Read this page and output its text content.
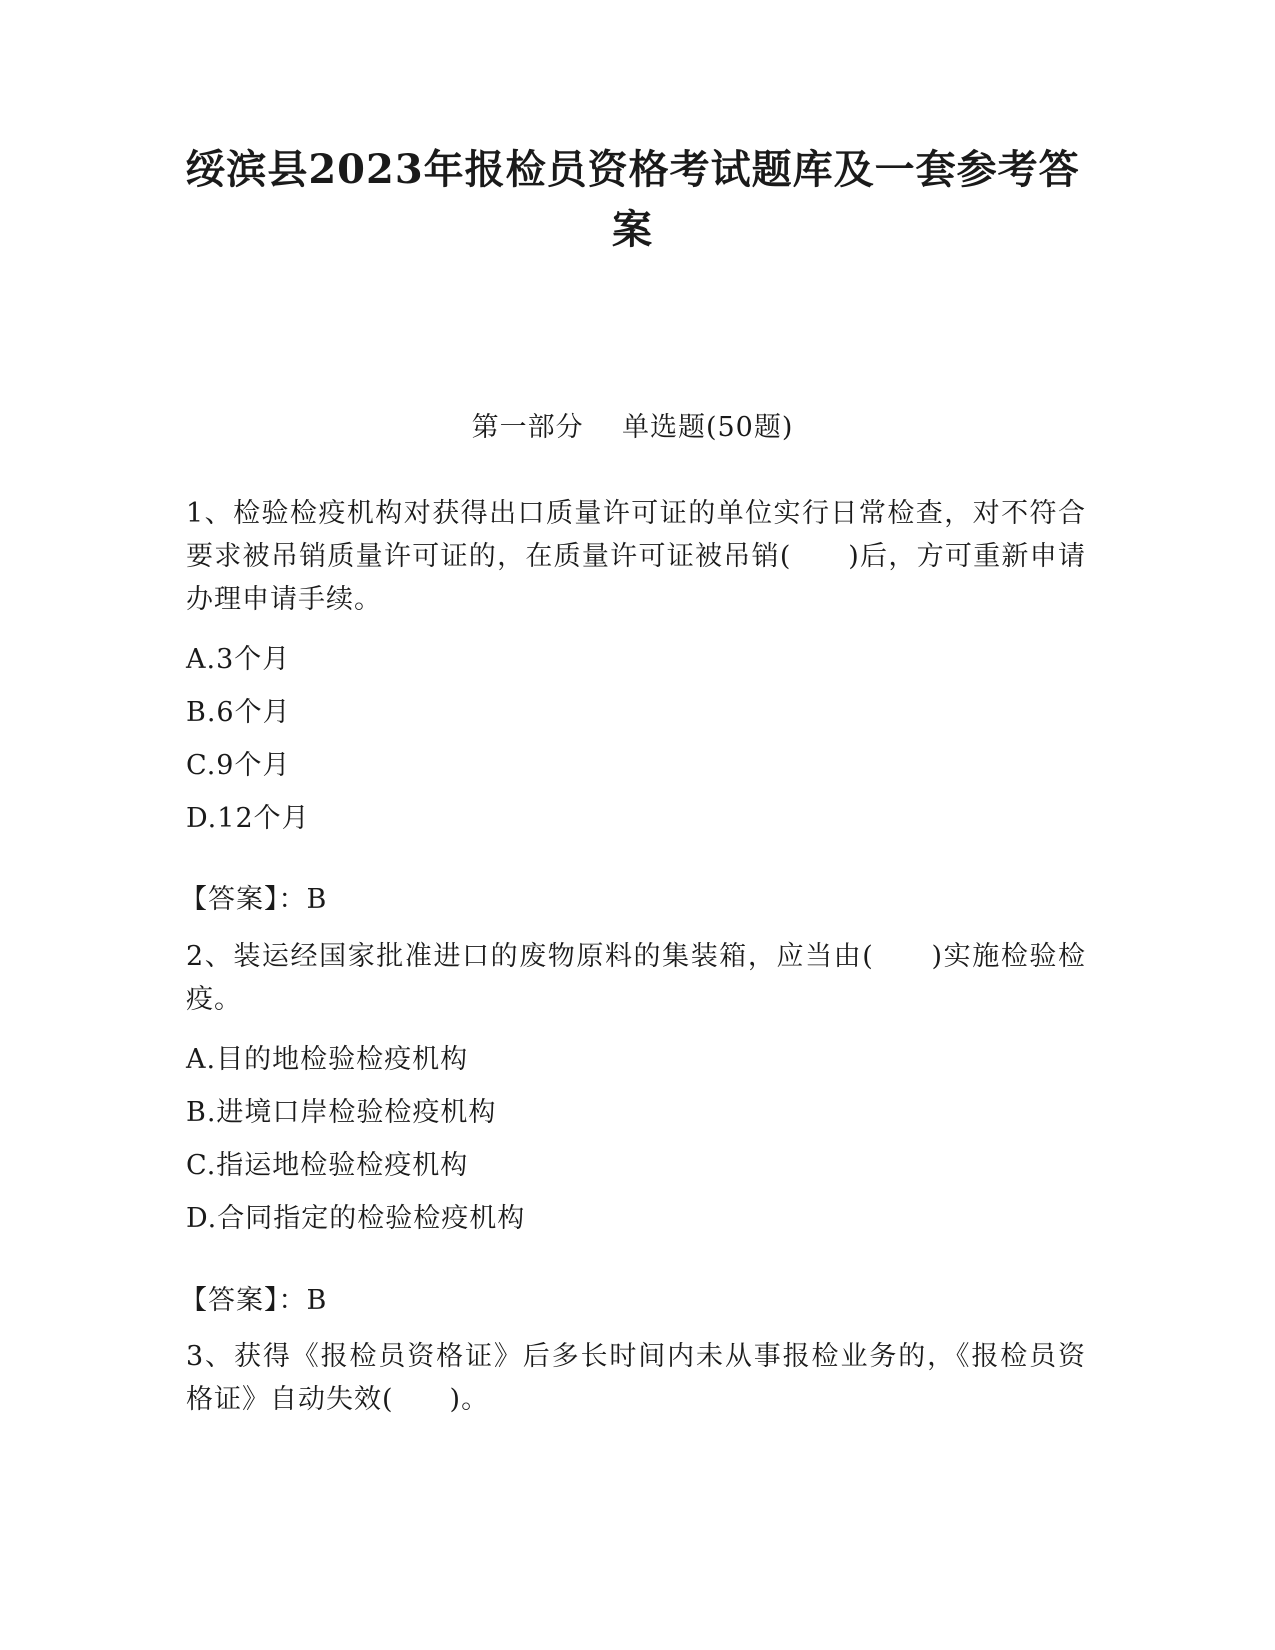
绥滨县2023年报检员资格考试题库及一套参考答案
第一部分    单选题(50题)

1、检验检疫机构对获得出口质量许可证的单位实行日常检查，对不符合要求被吊销质量许可证的，在质量许可证被吊销(　　)后，方可重新申请办理申请手续。

A.3个月
B.6个月
C.9个月
D.12个月
【答案】：B

2、装运经国家批准进口的废物原料的集装箱，应当由(　　)实施检验检疫。

A.目的地检验检疫机构
B.进境口岸检验检疫机构
C.指运地检验检疫机构
D.合同指定的检验检疫机构
【答案】：B

3、获得《报检员资格证》后多长时间内未从事报检业务的，《报检员资格证》自动失效(　　)。
